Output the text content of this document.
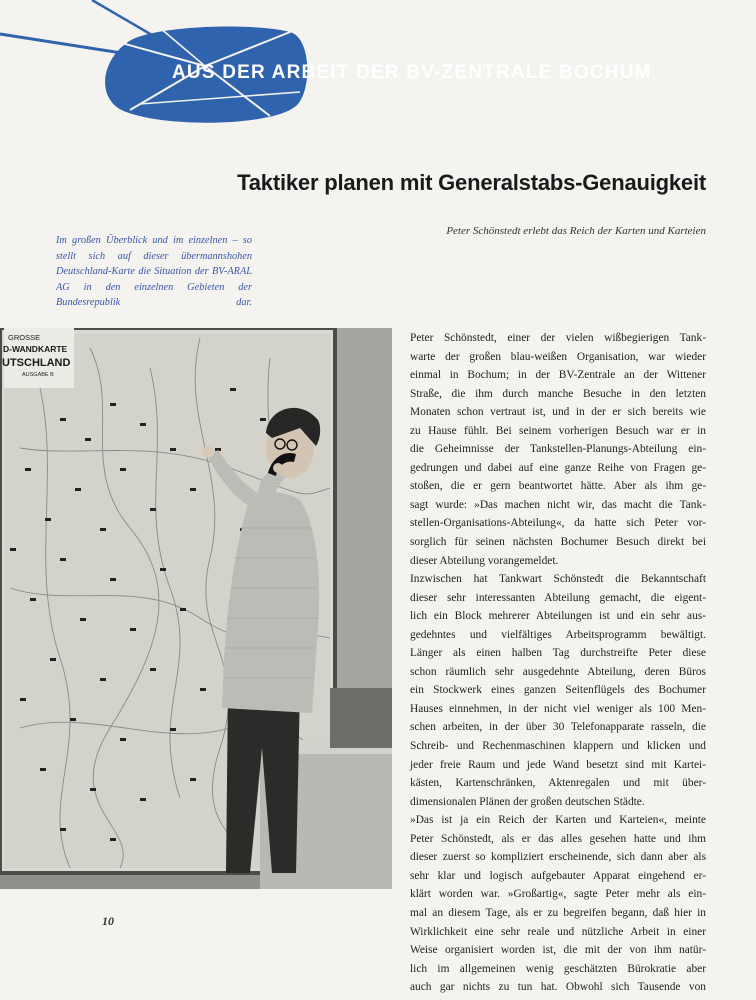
AUS DER ARBEIT DER BV-ZENTRALE BOCHUM
Taktiker planen mit Generalstabs-Genauigkeit
Peter Schönstedt erlebt das Reich der Karten und Karteien
Im großen Überblick und im einzelnen – so stellt sich auf dieser übermannshohen Deutschland-Karte die Situation der BV-ARAL AG in den einzelnen Gebieten der Bundesrepublik dar.
GROSSE
D-WANDKARTE
UTSCHLAND
AUSGABE B
Peter Schönstedt, einer der vielen wißbegierigen Tank-
warte der großen blau-weißen Organisation, war wieder
einmal in Bochum; in der BV-Zentrale an der Wittener
Straße, die ihm durch manche Besuche in den letzten
Monaten schon vertraut ist, und in der er sich bereits wie
zu Hause fühlt. Bei seinem vorherigen Besuch war er in
die Geheimnisse der Tankstellen-Planungs-Abteilung ein-
gedrungen und dabei auf eine ganze Reihe von Fragen ge-
stoßen, die er gern beantwortet hätte. Aber als ihm ge-
sagt wurde: »Das machen nicht wir, das macht die Tank-
stellen-Organisations-Abteilung«, da hatte sich Peter vor-
sorglich für seinen nächsten Bochumer Besuch direkt bei
dieser Abteilung vorangemeldet.
Inzwischen hat Tankwart Schönstedt die Bekanntschaft
dieser sehr interessanten Abteilung gemacht, die eigent-
lich ein Block mehrerer Abteilungen ist und ein sehr aus-
gedehntes und vielfältiges Arbeitsprogramm bewältigt.
Länger als einen halben Tag durchstreifte Peter diese
schon räumlich sehr ausgedehnte Abteilung, deren Büros
ein Stockwerk eines ganzen Seitenflügels des Bochumer
Hauses einnehmen, in der nicht viel weniger als 100 Men-
schen arbeiten, in der über 30 Telefonapparate rasseln, die
Schreib- und Rechenmaschinen klappern und klicken und
jeder freie Raum und jede Wand besetzt sind mit Kartei-
kästen, Kartenschränken, Aktenregalen und mit über-
dimensionalen Plänen der großen deutschen Städte.
»Das ist ja ein Reich der Karten und Karteien«, meinte
Peter Schönstedt, als er das alles gesehen hatte und ihm
dieser zuerst so kompliziert erscheinende, sich dann aber als
sehr klar und logisch aufgebauter Apparat eingehend er-
klärt worden war. »Großartig«, sagte Peter mehr als ein-
mal an diesem Tage, als er zu begreifen begann, daß hier in
Wirklichkeit eine sehr reale und nützliche Arbeit in einer
Weise organisiert worden ist, die mit der von ihm natür-
lich im allgemeinen wenig geschätzten Bürokratie aber
auch gar nichts zu tun hat. Obwohl sich Tausende von
10
